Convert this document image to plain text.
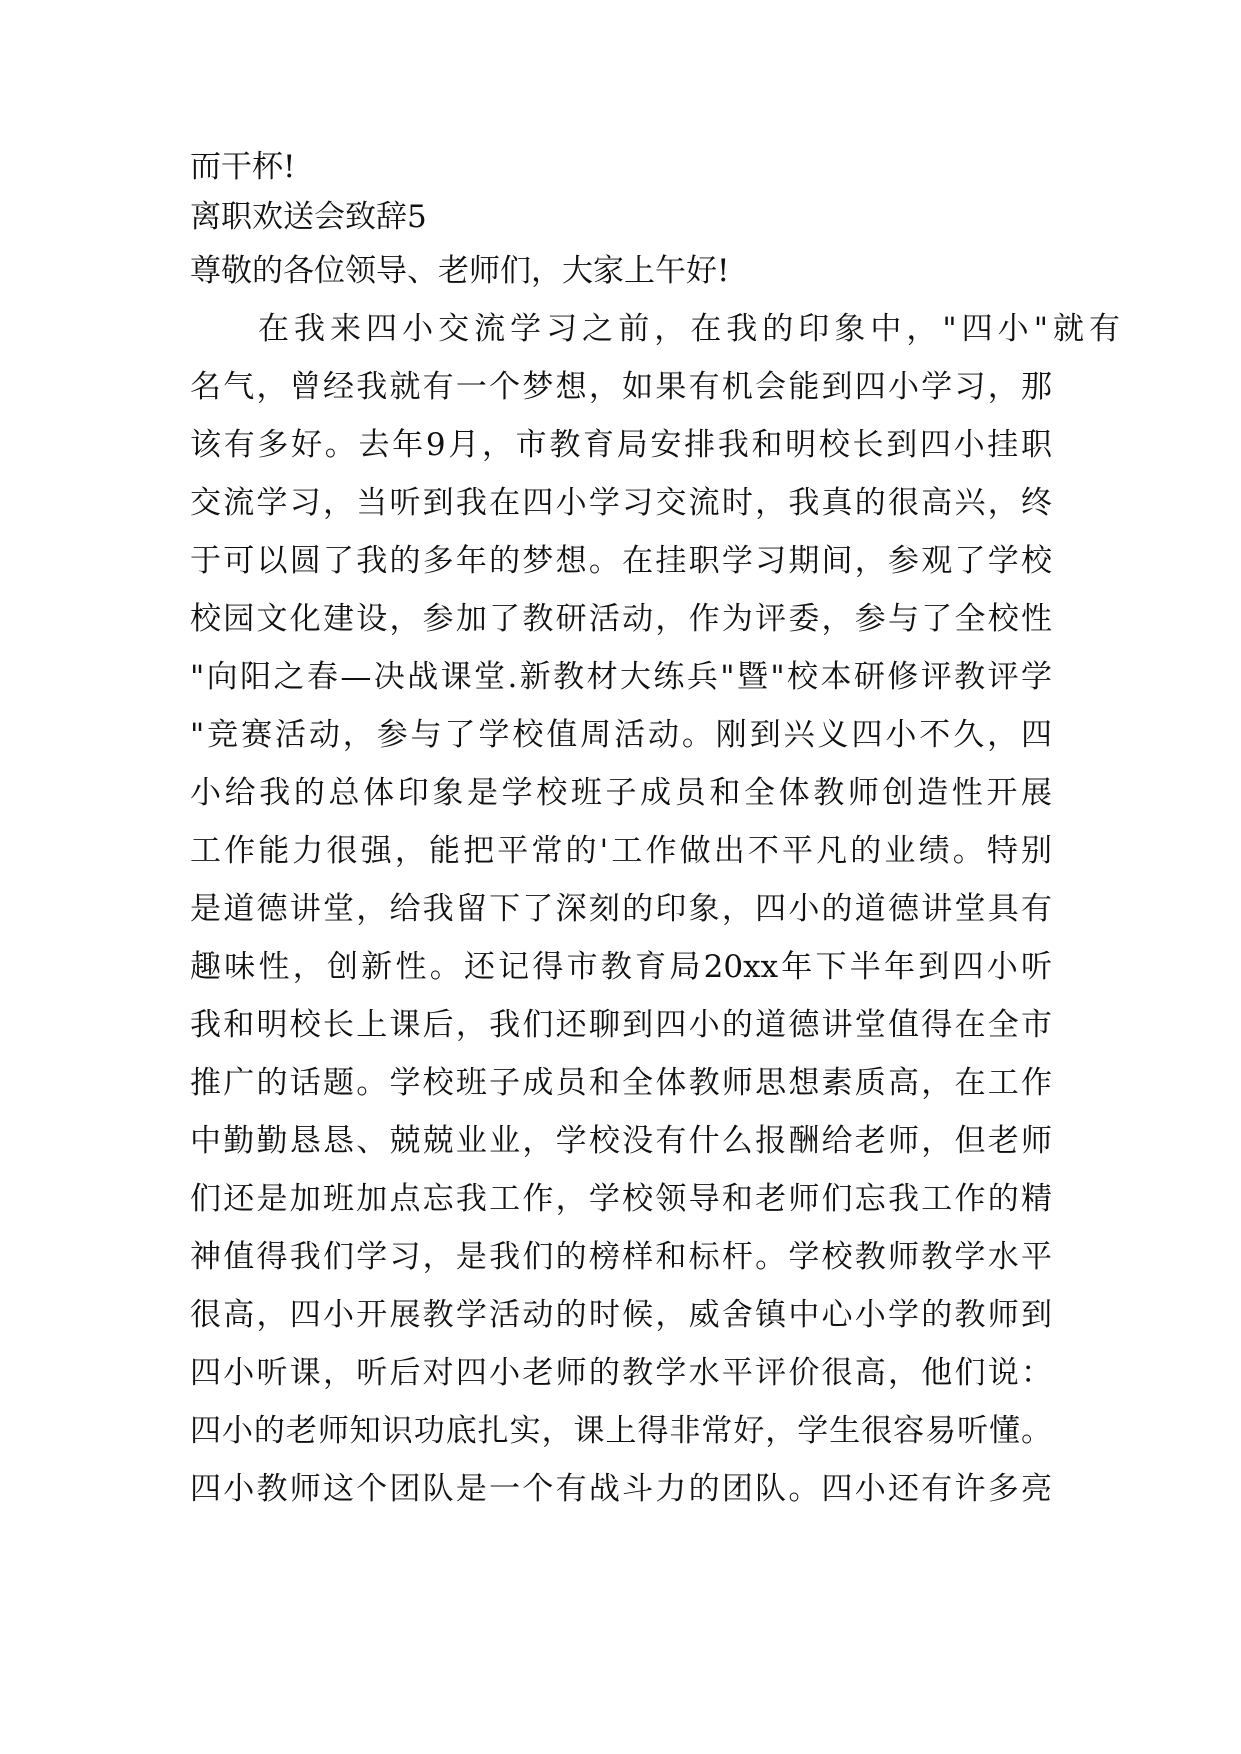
而干杯!
离职欢送会致辞5
尊敬的各位领导、老师们，大家上午好!
在我来四小交流学习之前，在我的印象中，"四小"就有
名气，曾经我就有一个梦想，如果有机会能到四小学习，那
该有多好。去年9月，市教育局安排我和明校长到四小挂职
交流学习，当听到我在四小学习交流时，我真的很高兴，终
于可以圆了我的多年的梦想。在挂职学习期间，参观了学校
校园文化建设，参加了教研活动，作为评委，参与了全校性
"向阳之春—决战课堂.新教材大练兵"暨"校本研修评教评学
"竞赛活动，参与了学校值周活动。刚到兴义四小不久，四
小给我的总体印象是学校班子成员和全体教师创造性开展
工作能力很强，能把平常的'工作做出不平凡的业绩。特别
是道德讲堂，给我留下了深刻的印象，四小的道德讲堂具有
趣味性，创新性。还记得市教育局20xx年下半年到四小听
我和明校长上课后，我们还聊到四小的道德讲堂值得在全市
推广的话题。学校班子成员和全体教师思想素质高，在工作
中勤勤恳恳、兢兢业业，学校没有什么报酬给老师，但老师
们还是加班加点忘我工作，学校领导和老师们忘我工作的精
神值得我们学习，是我们的榜样和标杆。学校教师教学水平
很高，四小开展教学活动的时候，威舍镇中心小学的教师到
四小听课，听后对四小老师的教学水平评价很高，他们说：
四小的老师知识功底扎实，课上得非常好，学生很容易听懂。
四小教师这个团队是一个有战斗力的团队。四小还有许多亮
